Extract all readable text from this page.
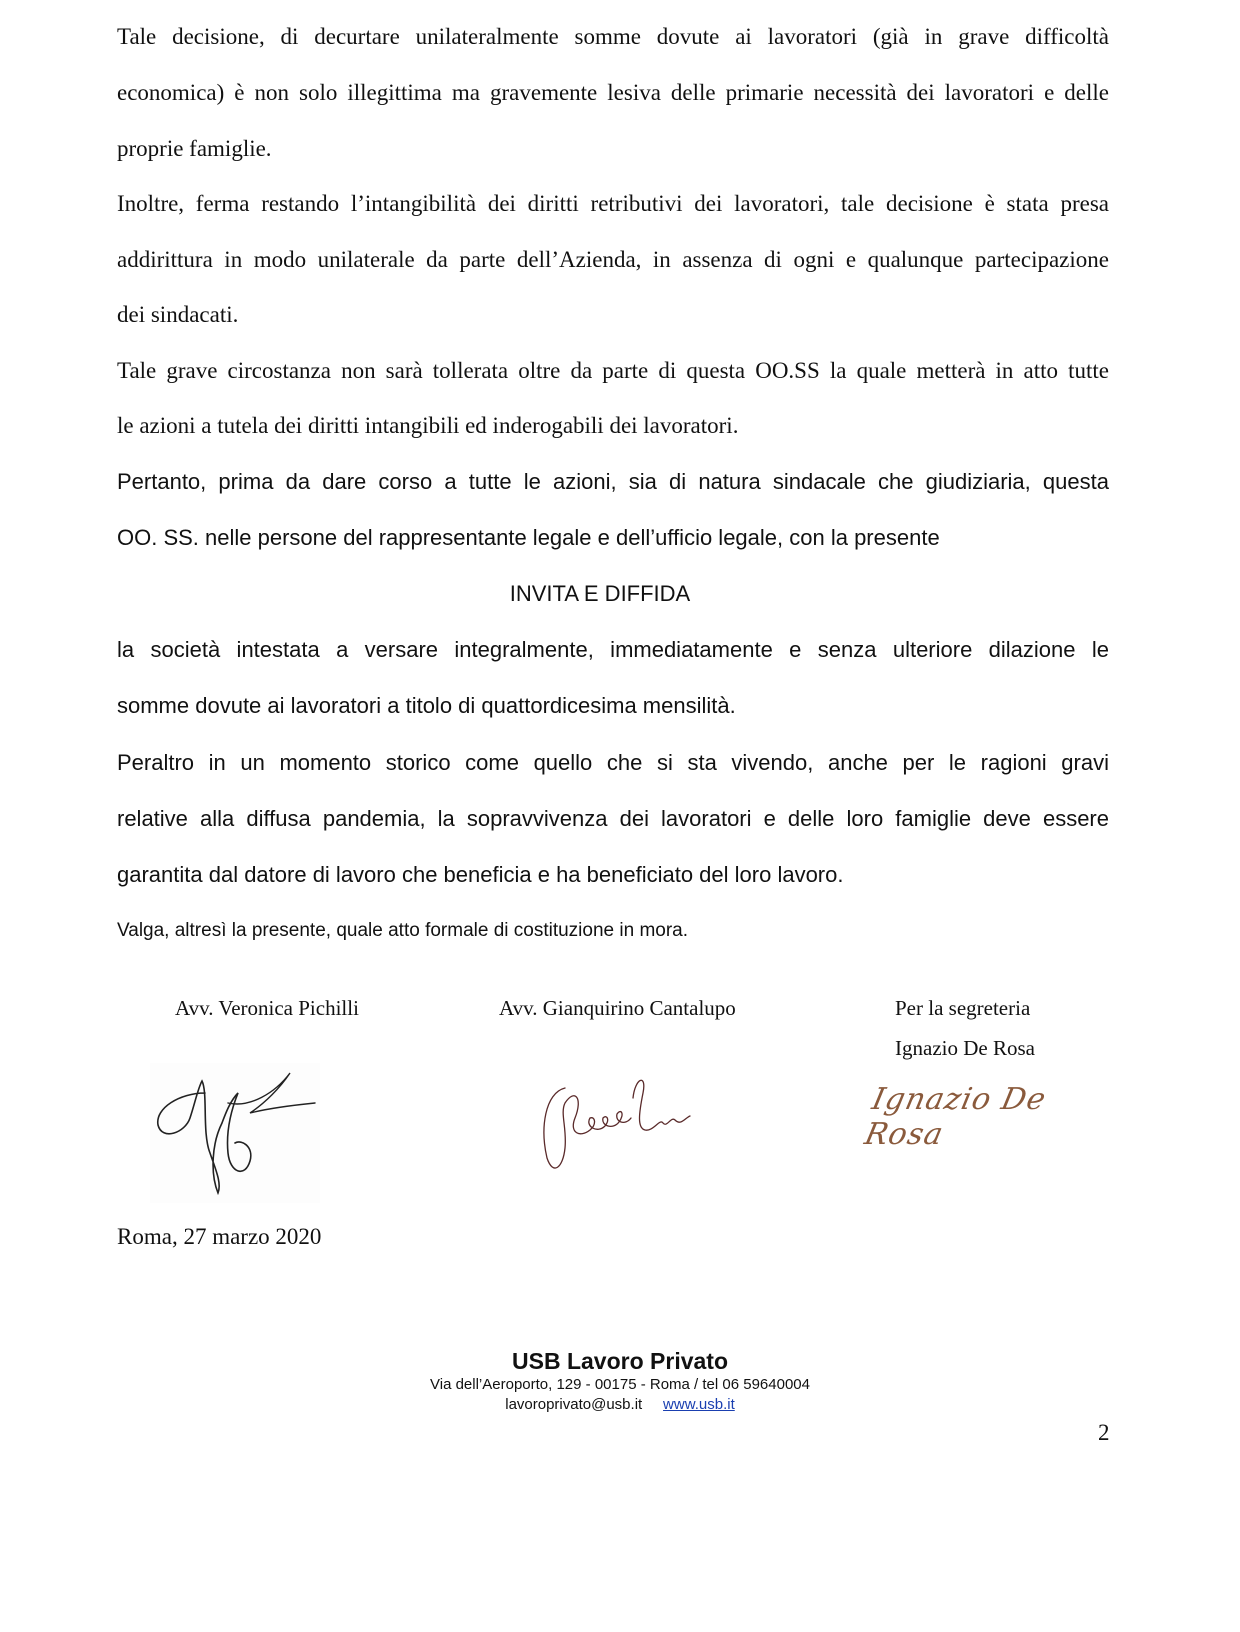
Tale decisione, di decurtare unilateralmente somme dovute ai lavoratori (già in grave difficoltà
economica) è non solo illegittima ma gravemente lesiva delle primarie necessità dei lavoratori e delle
proprie famiglie.
Inoltre, ferma restando l’intangibilità dei diritti retributivi dei lavoratori, tale decisione è stata presa
addirittura in modo unilaterale da parte dell’Azienda, in assenza di ogni e qualunque partecipazione
dei sindacati.
Tale grave circostanza non sarà tollerata oltre da parte di questa OO.SS la quale metterà in atto tutte
le azioni a tutela dei diritti intangibili ed inderogabili dei lavoratori.
Pertanto, prima da dare corso a tutte le azioni, sia di natura sindacale che giudiziaria, questa
OO. SS. nelle persone del rappresentante legale e dell’ufficio legale, con la presente
INVITA E DIFFIDA
la società intestata a versare integralmente, immediatamente e senza ulteriore dilazione le
somme dovute ai lavoratori a titolo di quattordicesima mensilità.
Peraltro in un momento storico come quello che si sta vivendo, anche per le ragioni gravi
relative alla diffusa pandemia, la sopravvivenza dei lavoratori e delle loro famiglie deve essere
garantita dal datore di lavoro che beneficia e ha beneficiato del loro lavoro.
Valga, altresì la presente, quale atto formale di costituzione in mora.
Avv. Veronica Pichilli	Avv. Gianquirino Cantalupo	Per la segreteria
Ignazio De Rosa
Ignazio De Rosa
Roma, 27 marzo 2020
USB Lavoro Privato
Via dell’Aeroporto, 129 - 00175 - Roma / tel 06 59640004
lavoroprivato@usb.it www.usb.it
2
